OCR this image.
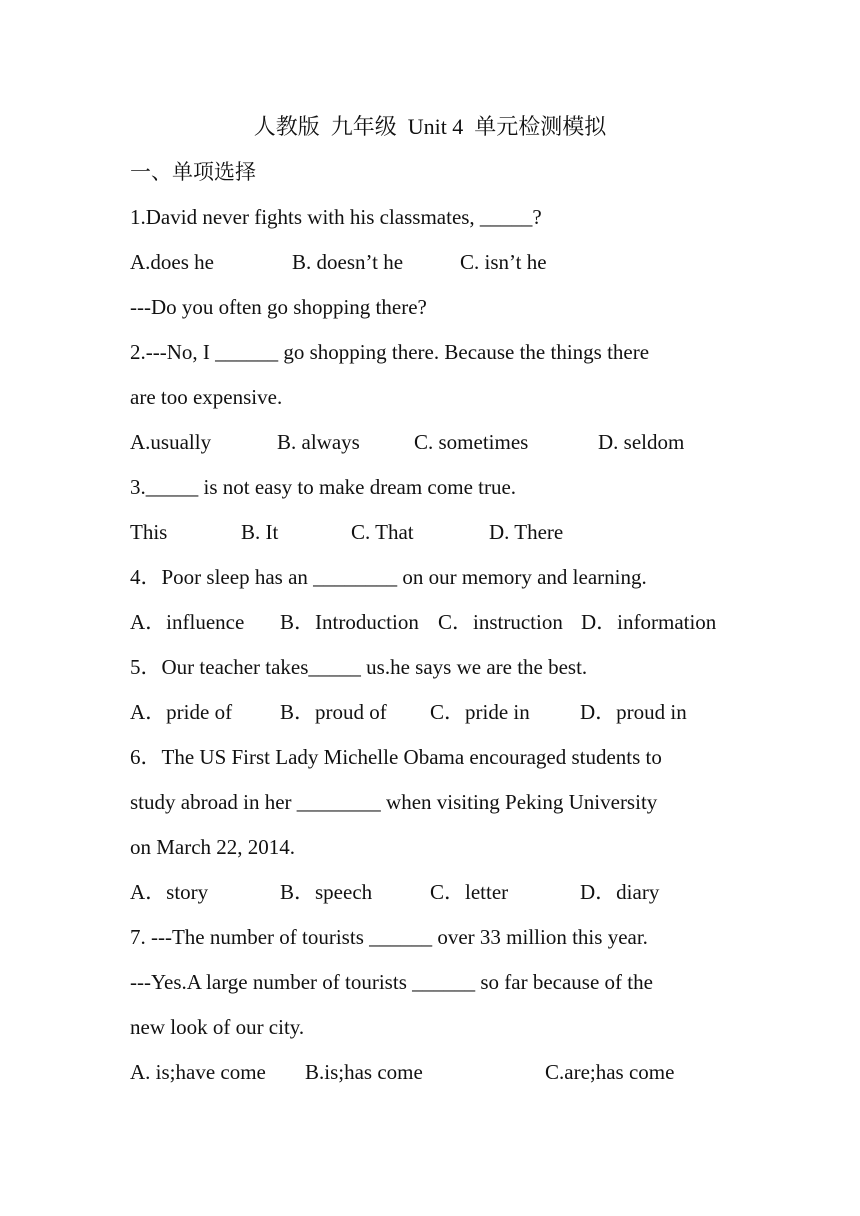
人教版  九年级  Unit 4  单元检测模拟
一、单项选择
1.David never fights with his classmates, _____?
A.does he	B. doesn’t he	C. isn’t he
---Do you often go shopping there?
2.---No, I ______ go shopping there. Because the things there
are too expensive.
A.usually	B. always	C. sometimes	D. seldom
3._____ is not easy to make dream come true.
This	B. It	C. That	D. There
4．Poor sleep has an ________ on our memory and learning.
A．influence B．Introduction C．instruction D．information
5．Our teacher takes_____ us.he says we are the best.
A．pride of B．proud of C．pride in D．proud in
6．The US First Lady Michelle Obama encouraged students to
study abroad in her ________ when visiting Peking University
on March 22, 2014.
A．story	B．speech	C．letter	D．diary
7. ---The number of tourists ______ over 33 million this year.
---Yes.A large number of tourists ______ so far because of the
new look of our city.
A. is;have come B.is;has come	C.are;has come
